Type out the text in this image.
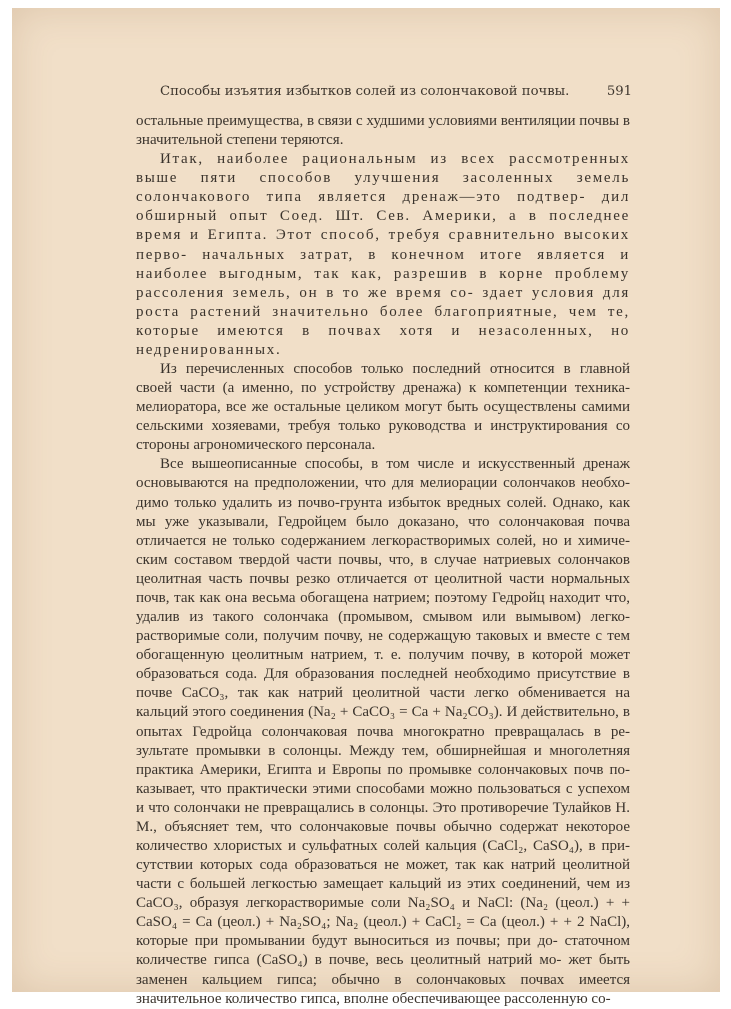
Способы изъятия избытков солей из солончаковой почвы.	591

остальные преимущества, в связи с худшими условиями вентиляции почвы в значительной степени теряются.

Итак, наиболее рациональным из всех рассмотренных выше пяти способов улучшения засоленных земель солончакового типа является дренаж—это подтвер- дил обширный опыт Соед. Шт. Сев. Америки, а в последнее время и Египта. Этот способ, требуя сравнительно высоких перво- начальных затрат, в конечном итоге является и наиболее выгодным, так как, разрешив в корне проблему рассоления земель, он в то же время со- здает условия для роста растений значительно более благоприятные, чем те, которые имеются в почвах хотя и незасоленных, но недренированных.

Из перечисленных способов только последний относится в главной своей части (а именно, по устройству дренажа) к компетенции техника- мелиоратора, все же остальные целиком могут быть осуществлены самими сельскими хозяевами, требуя только руководства и инструктирования со стороны агрономического персонала.

Все вышеописанные способы, в том числе и искусственный дренаж основываются на предположении, что для мелиорации солончаков необхо- димо только удалить из почво-грунта избыток вредных солей. Однако, как мы уже указывали, Гедройцем было доказано, что солончаковая почва отличается не только содержанием легкорастворимых солей, но и химиче- ским составом твердой части почвы, что, в случае натриевых солончаков цеолитная часть почвы резко отличается от цеолитной части нормальных почв, так как она весьма обогащена натрием; поэтому Гедройц находит что, удалив из такого солончака (промывом, смывом или вымывом) легко- растворимые соли, получим почву, не содержащую таковых и вместе с тем обогащенную цеолитным натрием, т. е. получим почву, в которой может образоваться сода. Для образования последней необходимо присутствие в почве CaCO₃, так как натрий цеолитной части легко обменивается на кальций этого соединения (Na₂ + CaCO₃ = Ca + Na₂CO₃). И действительно, в опытах Гедройца солончаковая почва многократно превращалась в ре- зультате промывки в солонцы. Между тем, обширнейшая и многолетняя практика Америки, Египта и Европы по промывке солончаковых почв по- казывает, что практически этими способами можно пользоваться с успехом и что солончаки не превращались в солонцы. Это противоречие Тулайков Н. М., объясняет тем, что солончаковые почвы обычно содержат некоторое количество хлористых и сульфатных солей кальция (CaCl₂, CaSO₄), в при- сутствии которых сода образоваться не может, так как натрий цеолитной части с большей легкостью замещает кальций из этих соединений, чем из CaCO₃, образуя легкорастворимые соли Na₂SO₄ и NaCl: (Na₂ (цеол.) + + CaSO₄ = Ca (цеол.) + Na₂SO₄; Na₂ (цеол.) + CaCl₂ = Ca (цеол.) + + 2 NaCl), которые при промывании будут выноситься из почвы; при до- статочном количестве гипса (CaSO₄) в почве, весь цеолитный натрий мо- жет быть заменен кальцием гипса; обычно в солончаковых почвах имеется значительное количество гипса, вполне обеспечивающее рассоленную со-
